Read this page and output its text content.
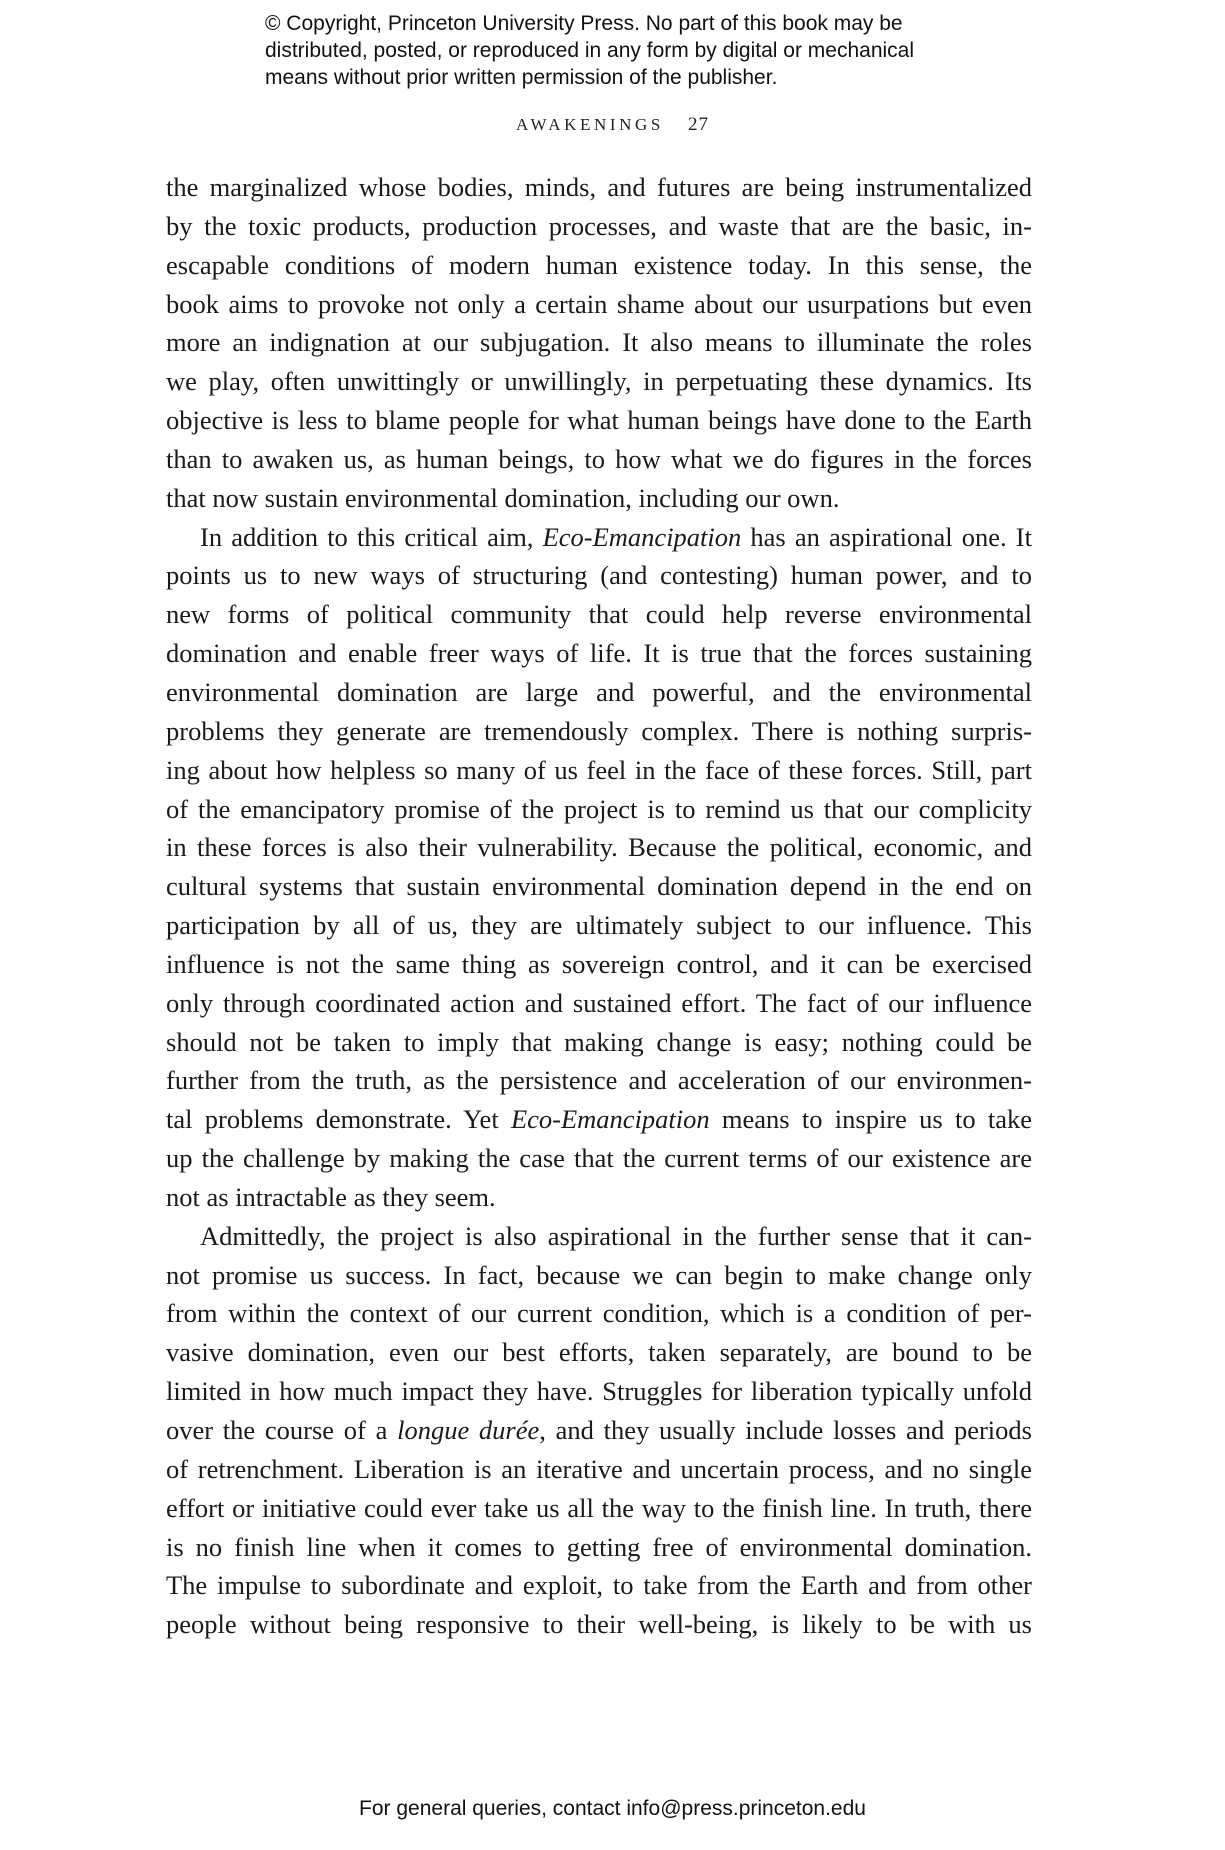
© Copyright, Princeton University Press. No part of this book may be
distributed, posted, or reproduced in any form by digital or mechanical
means without prior written permission of the publisher.
AWAKENINGS 27
the marginalized whose bodies, minds, and futures are being instrumentalized
by the toxic products, production processes, and waste that are the basic, in-
escapable conditions of modern human existence today. In this sense, the
book aims to provoke not only a certain shame about our usurpations but even
more an indignation at our subjugation. It also means to illuminate the roles
we play, often unwittingly or unwillingly, in perpetuating these dynamics. Its
objective is less to blame people for what human beings have done to the Earth
than to awaken us, as human beings, to how what we do figures in the forces
that now sustain environmental domination, including our own.
In addition to this critical aim, Eco-Emancipation has an aspirational one. It
points us to new ways of structuring (and contesting) human power, and to
new forms of political community that could help reverse environmental
domination and enable freer ways of life. It is true that the forces sustaining
environmental domination are large and powerful, and the environmental
problems they generate are tremendously complex. There is nothing surpris-
ing about how helpless so many of us feel in the face of these forces. Still, part
of the emancipatory promise of the project is to remind us that our complicity
in these forces is also their vulnerability. Because the political, economic, and
cultural systems that sustain environmental domination depend in the end on
participation by all of us, they are ultimately subject to our influence. This
influence is not the same thing as sovereign control, and it can be exercised
only through coordinated action and sustained effort. The fact of our influence
should not be taken to imply that making change is easy; nothing could be
further from the truth, as the persistence and acceleration of our environmen-
tal problems demonstrate. Yet Eco-Emancipation means to inspire us to take
up the challenge by making the case that the current terms of our existence are
not as intractable as they seem.
Admittedly, the project is also aspirational in the further sense that it can-
not promise us success. In fact, because we can begin to make change only
from within the context of our current condition, which is a condition of per-
vasive domination, even our best efforts, taken separately, are bound to be
limited in how much impact they have. Struggles for liberation typically unfold
over the course of a longue durée, and they usually include losses and periods
of retrenchment. Liberation is an iterative and uncertain process, and no single
effort or initiative could ever take us all the way to the finish line. In truth, there
is no finish line when it comes to getting free of environmental domination.
The impulse to subordinate and exploit, to take from the Earth and from other
people without being responsive to their well-being, is likely to be with us
For general queries, contact info@press.princeton.edu
